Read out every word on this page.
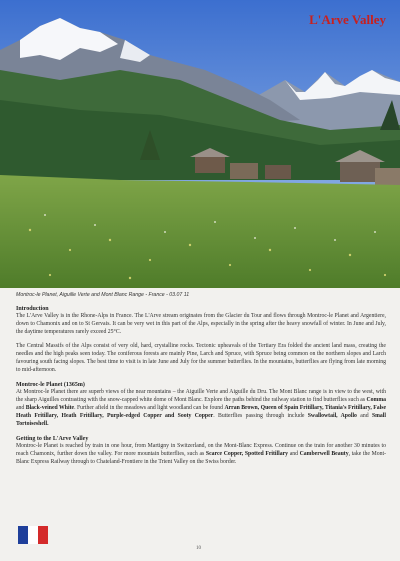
L'Arve Valley
Montroc-le Planet, Aiguille Verte and Mont Blanc Range - France - 03.07 11
Introduction

The L'Arve Valley is in the Rhone-Alps in France. The L'Arve stream originates from the Glacier du Tour and flows through Montroc-le Planet and Argentiere, down to Chamonix and on to St Gervais. It can be very wet in this part of the Alps, especially in the spring after the heavy snowfall of winter. In June and July, the daytime temperatures rarely exceed 25°C.

The Central Massifs of the Alps consist of very old, hard, crystalline rocks. Tectonic upheavals of the Tertiary Era folded the ancient land mass, creating the needles and the high peaks seen today. The coniferous forests are mainly Pine, Larch and Spruce, with Spruce being common on the northern slopes and Larch favouring south facing slopes. The best time to visit is in late June and July for the summer butterflies. In the mountains, butterflies are flying from late morning to mid-afternoon.

Montroc-le Planet (1365m)

At Montroc-le Planet there are superb views of the near mountains – the Aiguille Verte and Aiguille du Dru. The Mont Blanc range is in view to the west, with the sharp Aiguilles contrasting with the snow-capped white dome of Mont Blanc. Explore the paths behind the railway station to find butterflies such as Comma and Black-veined White. Further afield in the meadows and light woodland can be found Arran Brown, Queen of Spain Fritillary, Titania's Fritillary, False Heath Fritillary, Heath Fritillary, Purple-edged Copper and Sooty Copper. Butterflies passing through include Swallowtail, Apollo and Small Tortoiseshell.

Getting to the L'Arve Valley

Montroc-le Planet is reached by train in one hour, from Martigny in Switzerland, on the Mont-Blanc Express. Continue on the train for another 30 minutes to reach Chamonix, further down the valley. For more mountain butterflies, such as Scarce Copper, Spotted Fritillary and Camberwell Beauty, take the Mont-Blanc Express Railway through to Chateland-Frontiere in the Trient Valley on the Swiss border.

10
